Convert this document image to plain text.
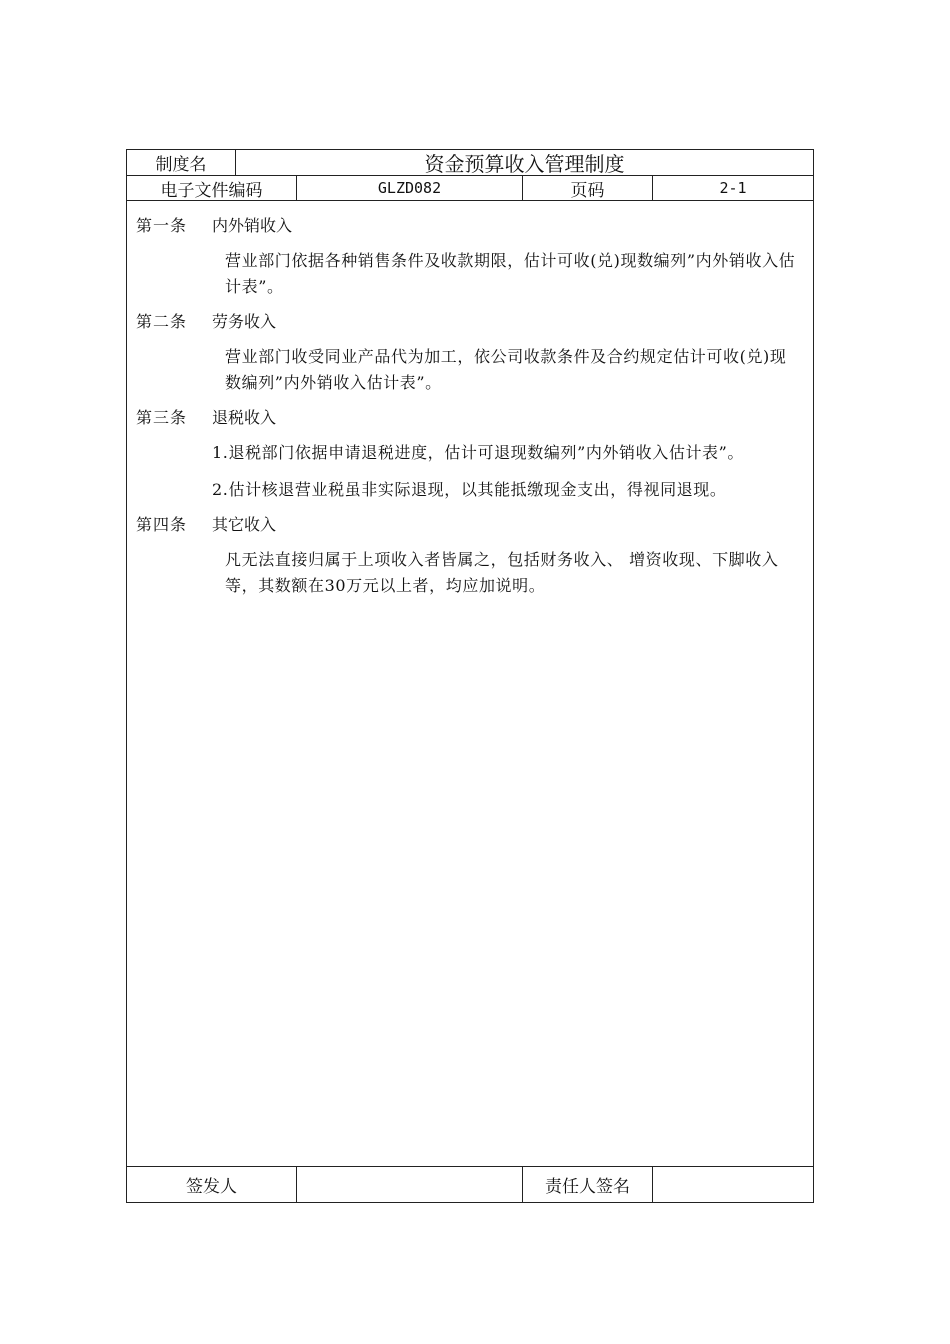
制度名	资金预算收入管理制度
电子文件编码	GLZD082	页码	2-1
第一条 内外销收入

营业部门依据各种销售条件及收款期限，估计可收(兑)现数编列”内外销收入估计表”。

第二条 劳务收入

营业部门收受同业产品代为加工，依公司收款条件及合约规定估计可收(兑)现数编列”内外销收入估计表”。

第三条 退税收入

1.退税部门依据申请退税进度，估计可退现数编列”内外销收入估计表”。

2.估计核退营业税虽非实际退现，以其能抵缴现金支出，得视同退现。

第四条 其它收入

凡无法直接归属于上项收入者皆属之，包括财务收入、 增资收现、下脚收入等，其数额在30万元以上者，均应加说明。

签发人	责任人签名
